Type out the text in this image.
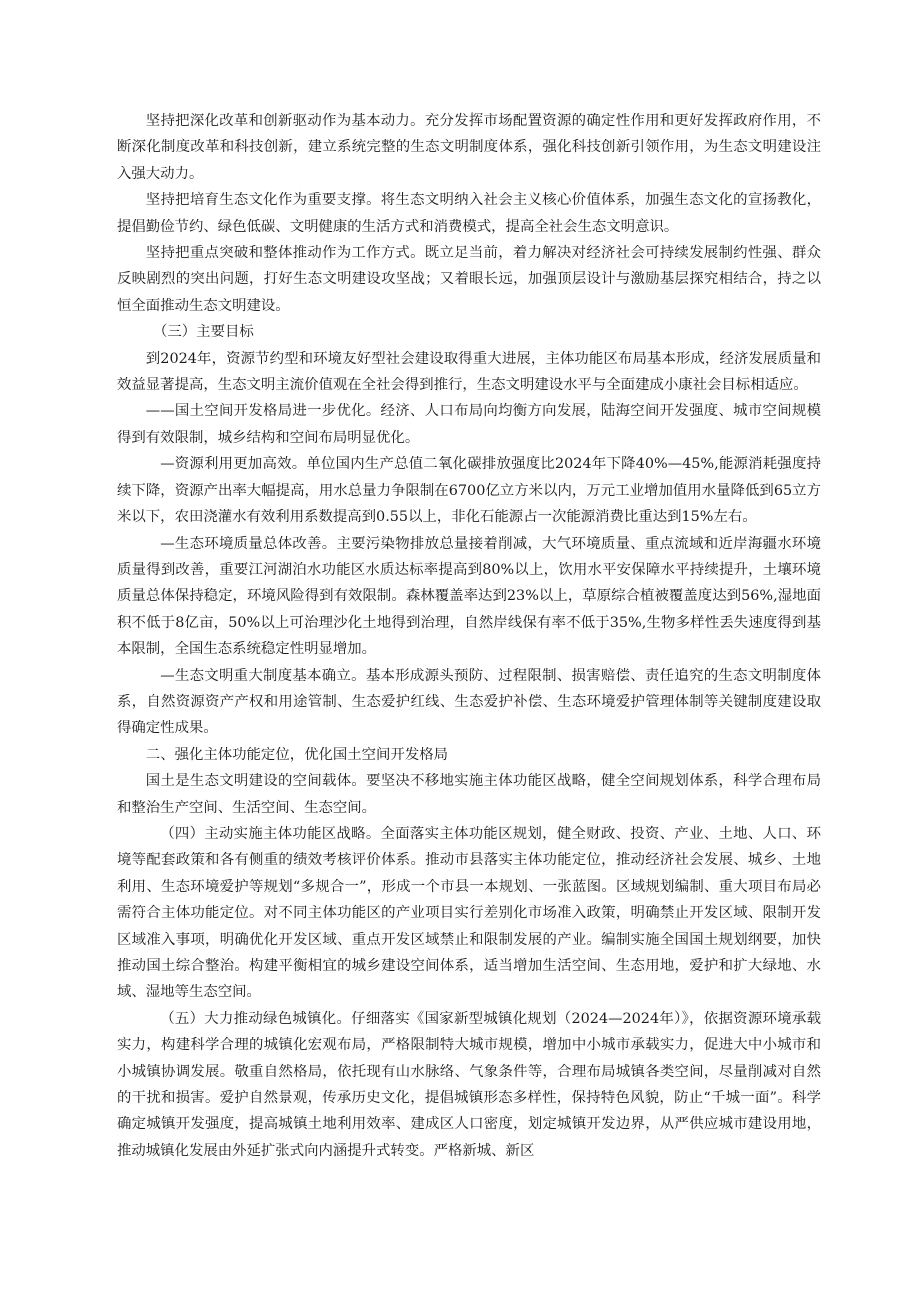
坚持把深化改革和创新驱动作为基本动力。充分发挥市场配置资源的确定性作用和更好发挥政府作用，不断深化制度改革和科技创新，建立系统完整的生态文明制度体系，强化科技创新引领作用，为生态文明建设注入强大动力。

坚持把培育生态文化作为重要支撑。将生态文明纳入社会主义核心价值体系，加强生态文化的宣扬教化，提倡勤俭节约、绿色低碳、文明健康的生活方式和消费模式，提高全社会生态文明意识。

坚持把重点突破和整体推动作为工作方式。既立足当前，着力解决对经济社会可持续发展制约性强、群众反映剧烈的突出问题，打好生态文明建设攻坚战；又着眼长远，加强顶层设计与激励基层探究相结合，持之以恒全面推动生态文明建设。

（三）主要目标

到2024年，资源节约型和环境友好型社会建设取得重大进展，主体功能区布局基本形成，经济发展质量和效益显著提高，生态文明主流价值观在全社会得到推行，生态文明建设水平与全面建成小康社会目标相适应。

——国土空间开发格局进一步优化。经济、人口布局向均衡方向发展，陆海空间开发强度、城市空间规模得到有效限制，城乡结构和空间布局明显优化。

—资源利用更加高效。单位国内生产总值二氧化碳排放强度比2024年下降40%—45%,能源消耗强度持续下降，资源产出率大幅提高，用水总量力争限制在6700亿立方米以内，万元工业增加值用水量降低到65立方米以下，农田浇灌水有效利用系数提高到0.55以上，非化石能源占一次能源消费比重达到15%左右。

—生态环境质量总体改善。主要污染物排放总量接着削减，大气环境质量、重点流域和近岸海疆水环境质量得到改善，重要江河湖泊水功能区水质达标率提高到80%以上，饮用水平安保障水平持续提升，土壤环境质量总体保持稳定，环境风险得到有效限制。森林覆盖率达到23%以上，草原综合植被覆盖度达到56%,湿地面积不低于8亿亩，50%以上可治理沙化土地得到治理，自然岸线保有率不低于35%,生物多样性丢失速度得到基本限制，全国生态系统稳定性明显增加。

—生态文明重大制度基本确立。基本形成源头预防、过程限制、损害赔偿、责任追究的生态文明制度体系，自然资源资产产权和用途管制、生态爱护红线、生态爱护补偿、生态环境爱护管理体制等关键制度建设取得确定性成果。

二、强化主体功能定位，优化国土空间开发格局

国土是生态文明建设的空间载体。要坚决不移地实施主体功能区战略，健全空间规划体系，科学合理布局和整治生产空间、生活空间、生态空间。

（四）主动实施主体功能区战略。全面落实主体功能区规划，健全财政、投资、产业、土地、人口、环境等配套政策和各有侧重的绩效考核评价体系。推动市县落实主体功能定位，推动经济社会发展、城乡、土地利用、生态环境爱护等规划“多规合一”，形成一个市县一本规划、一张蓝图。区域规划编制、重大项目布局必需符合主体功能定位。对不同主体功能区的产业项目实行差别化市场准入政策，明确禁止开发区域、限制开发区域准入事项，明确优化开发区域、重点开发区域禁止和限制发展的产业。编制实施全国国土规划纲要，加快推动国土综合整治。构建平衡相宜的城乡建设空间体系，适当增加生活空间、生态用地，爱护和扩大绿地、水域、湿地等生态空间。

（五）大力推动绿色城镇化。仔细落实《国家新型城镇化规划（2024—2024年）》，依据资源环境承载实力，构建科学合理的城镇化宏观布局，严格限制特大城市规模，增加中小城市承载实力，促进大中小城市和小城镇协调发展。敬重自然格局，依托现有山水脉络、气象条件等，合理布局城镇各类空间，尽量削减对自然的干扰和损害。爱护自然景观，传承历史文化，提倡城镇形态多样性，保持特色风貌，防止“千城一面”。科学确定城镇开发强度，提高城镇土地利用效率、建成区人口密度，划定城镇开发边界，从严供应城市建设用地，推动城镇化发展由外延扩张式向内涵提升式转变。严格新城、新区
